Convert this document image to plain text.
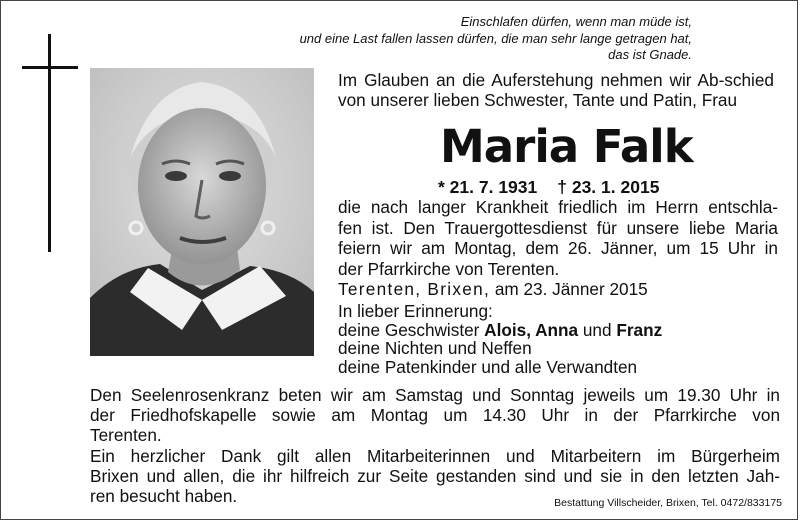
Einschlafen dürfen, wenn man müde ist,
und eine Last fallen lassen dürfen, die man sehr lange getragen hat,
das ist Gnade.
Im Glauben an die Auferstehung nehmen wir Ab-schied von unserer lieben Schwester, Tante und Patin, Frau
Maria Falk
* 21. 7. 1931 † 23. 1. 2015
die nach langer Krankheit friedlich im Herrn entschla-
fen ist. Den Trauergottesdienst für unsere liebe Maria
feiern wir am Montag, dem 26. Jänner, um 15 Uhr in
der Pfarrkirche von Terenten.
Terenten, Brixen, am 23. Jänner 2015
In lieber Erinnerung:
deine Geschwister Alois, Anna und Franz
deine Nichten und Neffen
deine Patenkinder und alle Verwandten
Den Seelenrosenkranz beten wir am Samstag und Sonntag jeweils um 19.30 Uhr in
der Friedhofskapelle sowie am Montag um 14.30 Uhr in der Pfarrkirche von
Terenten.
Ein herzlicher Dank gilt allen Mitarbeiterinnen und Mitarbeitern im Bürgerheim
Brixen und allen, die ihr hilfreich zur Seite gestanden sind und sie in den letzten Jah-
ren besucht haben.	Bestattung Villscheider, Brixen, Tel. 0472/833175
